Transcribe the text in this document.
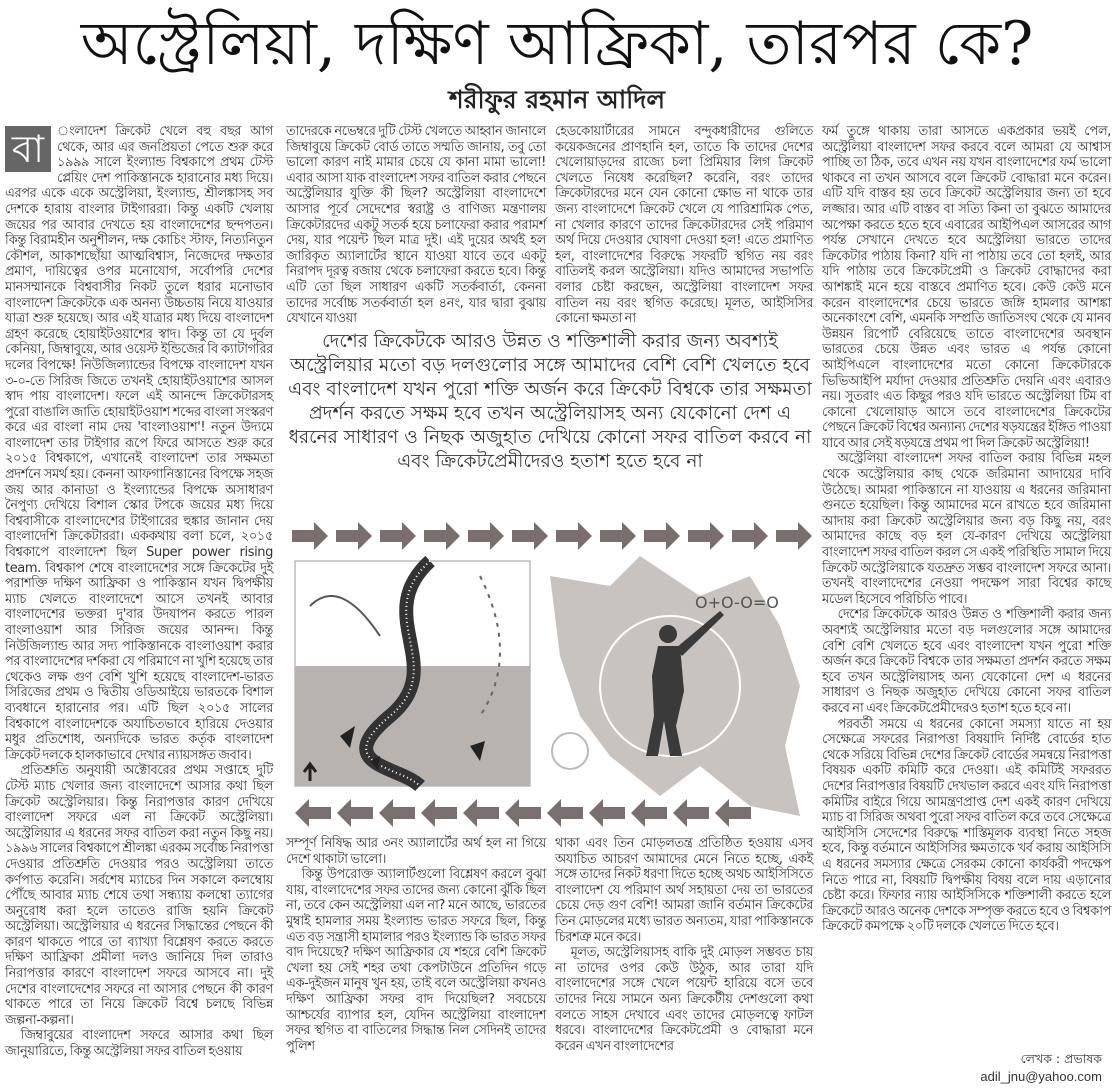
অস্ট্রেলিয়া, দক্ষিণ আফ্রিকা, তারপর কে?
শরীফুর রহমান আদিল
বা ংলাদেশ ক্রিকেট খেলে বহু বছর আগ থেকে, আর এর জনপ্রিয়তা পেতে শুরু করে ১৯৯৯ সালে ইংল্যান্ড বিশ্বকাপে প্রথম টেস্ট প্লেয়িং দেশ পাকিস্তানকে হারানোর মধ্য দিয়ে। এরপর একে একে অস্ট্রেলিয়া, ইংল্যান্ড, শ্রীলঙ্কাসহ সব দেশকে হারায় বাংলার টাইগাররা। কিন্তু একটি খেলায় জয়ের পর আবার দেখতে হয় বাংলাদেশের ছন্দপতন। কিন্তু বিরামহীন অনুশীলন, দক্ষ কোচিং স্টাফ, নিত্যনিতুন কৌশল, আকাশছোঁয়া আত্মবিশ্বাস, নিজেদের দক্ষতার প্রমাণ, দায়িত্বের ওপর মনোযোগ, সর্বোপরি দেশের মানসম্মানকে বিশ্ববাসীর নিকট তুলে ধরার মনোভাব বাংলাদেশ ক্রিকেটকে এক অনন্য উচ্চতায় নিয়ে যাওয়ার যাত্রা শুরু হয়েছে। আর এই যাত্রার মধ্য দিয়ে বাংলাদেশ গ্রহণ করেছে হোয়াইটওয়াশের স্বাদ। কিন্তু তা যে দুর্বল কেনিয়া, জিম্বাবুয়ে, আর ওয়েস্ট ইন্ডিজের বি ক্যাটাগরির দলের বিপক্ষে! নিউজিল্যান্ডের বিপক্ষে বাংলাদেশ যখন ৩-০-তে সিরিজ জিতে তখনই হোয়াইটওয়াশের আসল স্বাদ পায় বাংলাদেশ। ফলে এই আনন্দে ক্রিকেটারসহ পুরো বাঙালি জাতি হোয়াইটওয়াশ শব্দের বাংলা সংস্করণ করে এর বাংলা নাম দেয় 'বাংলাওয়াশ'! নতুন উদ্যমে বাংলাদেশ তার টাইগার রূপে ফিরে আসতে শুরু করে ২০১৫ বিশ্বকাপে, এখানেই বাংলাদেশ তার সক্ষমতা প্রদর্শনে সমর্থ হয়। কেননা আফগানিস্তানের বিপক্ষে সহজ জয় আর কানাডা ও ইংল্যান্ডের বিপক্ষে অসাধারণ নৈপুণ্য দেখিয়ে বিশাল স্কোর টপকে জয়ের মধ্য দিয়ে বিশ্ববাসীকে বাংলাদেশের টাইগারের হুঙ্কার জানান দেয় বাংলাদেশি ক্রিকেটাররা। এককথায় বলা চলে, ২০১৫ বিশ্বকাপে বাংলাদেশ ছিল Super power rising team. বিশ্বকাপ শেষে বাংলাদেশের সঙ্গে ক্রিকেটের দুই পরাশক্তি দক্ষিণ আফ্রিকা ও পাকিস্তান যখন দ্বিপক্ষীয় ম্যাচ খেলতে বাংলাদেশে আসে তখনই আবার বাংলাদেশের ভক্তরা দু'বার উদযাপন করতে পারল বাংলাওয়াশ আর সিরিজ জয়ের আনন্দ। কিন্তু নিউজিল্যান্ড আর সদ্য পাকিস্তানকে বাংলাওয়াশ করার পর বাংলাদেশের দর্শকরা যে পরিমাণে না খুশি হয়েছে তার থেকেও লক্ষ গুণ বেশি খুশি হয়েছে বাংলাদেশ-ভারত সিরিজের প্রথম ও দ্বিতীয় ওডিআইয়ে ভারতকে বিশাল ব্যবধানে হারানোর পর। এটি ছিল ২০১৫ সালের বিশ্বকাপে বাংলাদেশকে অযাচিতভাবে হারিয়ে দেওয়ার মধুর প্রতিশোধ, অন্যদিকে ভারত কর্তৃক বাংলাদেশ ক্রিকেট দলকে হালকাভাবে দেখার ন্যায়সঙ্গত জবাব।

প্রতিশ্রুতি অনুযায়ী অক্টোবরের প্রথম সপ্তাহে দুটি টেস্ট ম্যাচ খেলার জন্য বাংলাদেশে আসার কথা ছিল ক্রিকেট অস্ট্রেলিয়ার। কিন্তু নিরাপত্তার কারণ দেখিয়ে বাংলাদেশ সফরে এল না ক্রিকেট অস্ট্রেলিয়া। অস্ট্রেলিয়ার এ ধরনের সফর বাতিল করা নতুন কিছু নয়। ১৯৯৬ সালের বিশ্বকাপে শ্রীলঙ্কা এরকম সর্বোচ্চ নিরাপত্তা দেওয়ার প্রতিশ্রুতি দেওয়ার পরও অস্ট্রেলিয়া তাতে কর্ণপাত করেনি। সর্বশেষ ম্যাচের দিন সকালে কলম্বোয় পৌঁছে আবার ম্যাচ শেষে তথা সন্ধ্যায় কলম্বো ত্যাগের অনুরোধ করা হলে তাতেও রাজি হয়নি ক্রিকেট অস্ট্রেলিয়া। অস্ট্রেলিয়ার এ ধরনের সিদ্ধান্তের পেছনে কী কারণ থাকতে পারে তা ব্যাখ্যা বিশ্লেষণ করতে করতে দক্ষিণ আফ্রিকা প্রমীলা দলও জানিয়ে দিল তারাও নিরাপত্তার কারণে বাংলাদেশ সফরে আসবে না। দুই দেশের বাংলাদেশের সফরে না আসার পেছনে কী কারণ থাকতে পারে তা নিয়ে ক্রিকেট বিশ্বে চলছে বিভিন্ন জল্পনা-কল্পনা।

জিম্বাবুয়ের বাংলাদেশ সফরে আসার কথা ছিল জানুয়ারিতে, কিন্তু অস্ট্রেলিয়া সফর বাতিল হওয়ায়

তাদেরকে নভেম্বরে দুটি টেস্ট খেলতে আহ্বান জানালে জিম্বাবুয়ে ক্রিকেট বোর্ড তাতে সম্মতি জানায়, তবু তো ভালো কারণ নাই মামার চেয়ে যে কানা মামা ভালো! এবার আসা যাক বাংলাদেশ সফর বাতিল করার পেছনে অস্ট্রেলিয়ার যুক্তি কী ছিল? অস্ট্রেলিয়া বাংলাদেশে আসার পূর্বে সেদেশের স্বরাষ্ট্র ও বাণিজ্য মন্ত্রণালয় ক্রিকেটারদের একটু সতর্ক হয়ে চলাফেরা করার পরামর্শ দেয়, যার পয়েন্ট ছিল মাত্র দুই। এই দুয়ের অর্থই হল জারিকৃত অ্যালার্টের স্থানে যাওয়া যাবে তবে একটু নিরাপদ দূরত্ব বজায় থেকে চলাফেরা করতে হবে। কিন্তু এটি তো ছিল সাধারণ একটি সতর্কবার্তা, কেননা তাদের সর্বোচ্চ সতর্কবার্তা হল ৪নং, যার দ্বারা বুঝায় যেখানে যাওয়া

হেডকোয়ার্টারের সামনে বন্দুকধারীদের গুলিতে কয়েকজনের প্রাণহানি হল, তাতে কি তাদের দেশের খেলোয়াড়দের রাজ্যে চলা প্রিমিয়ার লিগ ক্রিকেট খেলতে নিষেধ করেছিল? করেনি, বরং তাদের ক্রিকেটারদের মনে যেন কোনো ক্ষোভ না থাকে তার জন্য বাংলাদেশে ক্রিকেট খেলে যে পারিশ্রামিক পেত, না খেলার কারণে তাদের ক্রিকেটারদের সেই পরিমাণ অর্থ দিয়ে দেওয়ার ঘোষণা দেওয়া হল! এতে প্রমাণিত হল, বাংলাদেশের বিরুদ্ধে সফরটি স্থগিত নয় বরং বাতিলই করল অস্ট্রেলিয়া। যদিও আমাদের সভাপতি বলার চেষ্টা করছেন, অস্ট্রেলিয়া বাংলাদেশ সফর বাতিল নয় বরং স্থগিত করেছে। মূলত, আইসিসির কোনো ক্ষমতা না

দেশের ক্রিকেটকে আরও উন্নত ও শক্তিশালী করার জন্য অবশ্যই অস্ট্রেলিয়ার মতো বড় দলগুলোর সঙ্গে আমাদের বেশি বেশি খেলতে হবে এবং বাংলাদেশ যখন পুরো শক্তি অর্জন করে ক্রিকেট বিশ্বকে তার সক্ষমতা প্রদর্শন করতে সক্ষম হবে তখন অস্ট্রেলিয়াসহ অন্য যেকোনো দেশ এ ধরনের সাধারণ ও নিছক অজুহাত দেখিয়ে কোনো সফর বাতিল করবে না এবং ক্রিকেটপ্রেমীদেরও হতাশ হতে হবে না
O+O-O=O

সম্পূর্ণ নিষিদ্ধ আর ৩নং অ্যালার্টের অর্থ হল না গিয়ে দেশে থাকাটা ভালো।

কিন্তু উপরোক্ত অ্যালার্টগুলো বিশ্লেষণ করলে বুঝা যায়, বাংলাদেশের সফর তাদের জন্য কোনো ঝুঁকি ছিল না, তবে কেন অস্ট্রেলিয়া এল না? মনে আছে, ভারতের মুম্বাই হামলার সময় ইংল্যান্ড ভারত সফরে ছিল, কিন্তু এত বড় সন্ত্রাসী হামালার পরও ইংল্যান্ড কি ভারত সফর বাদ দিয়েছে? দক্ষিণ আফ্রিকার যে শহরে বেশি ক্রিকেট খেলা হয় সেই শহর তথা কেপটাউনে প্রতিদিন গড়ে এক-দুইজন মানুষ খুন হয়, তাই বলে অস্ট্রেলিয়া কখনও দক্ষিণ আফ্রিকা সফর বাদ দিয়েছিল? সবচেয়ে আশ্চর্যের ব্যাপার হল, যেদিন অস্ট্রেলিয়া বাংলাদেশ সফর স্থগিত বা বাতিলের সিদ্ধান্ত নিল সেদিনই তাদের পুলিশ

থাকা এবং তিন মোড়লতন্ত্র প্রতিষ্ঠিত হওয়ায় এসব অযাচিত আচরণ আমাদের মেনে নিতে হচ্ছে, একই সঙ্গে তাদের নিকট ধরণা দিতে হচ্ছে অথচ আইসিসিতে বাংলাদেশ যে পরিমাণ অর্থ সহায়তা দেয় তা ভারতের চেয়ে দেড় গুণ বেশি! আমরা জানি বর্তমান ক্রিকেটের তিন মোড়লের মধ্যে ভারত অন্যতম, যারা পাকিস্তানকে চিরশত্রু মনে করে।

মূলত, অস্ট্রেলিয়াসহ বাকি দুই মোড়ল সম্ভবত চায় না তাদের ওপর কেউ উঠুক, আর তারা যদি বাংলাদেশের সঙ্গে খেলে পয়েন্ট হারিয়ে বসে তবে তাদের নিয়ে সামনে অন্য ক্রিকেটীয় দেশগুলো কথা বলতে সাহস দেখাবে এবং তাদের মোড়লত্বে ফাটল ধরবে। বাংলাদেশের ক্রিকেটপ্রেমী ও বোদ্ধারা মনে করেন এখন বাংলাদেশের

ফর্ম তুঙ্গে থাকায় তারা আসতে একপ্রকার ভয়ই পেল, অস্ট্রেলিয়া বাংলাদেশ সফর করবে বলে আমরা যে আশ্বাস পাচ্ছি তা ঠিক, তবে এখন নয় যখন বাংলাদেশের ফর্ম ভালো থাকবে না তখন আসবে বলে ক্রিকেট বোদ্ধারা মনে করেন। এটি যদি বাস্তব হয় তবে ক্রিকেট অস্ট্রেলিয়ার জন্য তা হবে লজ্জার। আর এটি বাস্তব বা সত্যি কিনা তা বুঝতে আমাদের অপেক্ষা করতে হতে হবে এবারের আইপিএল আসরের আগ পর্যন্ত সেখানে দেখতে হবে অস্ট্রেলিয়া ভারতে তাদের ক্রিকেটার পাঠায় কিনা? যদি না পাঠায় তবে তো হলই, আর যদি পাঠায় তবে ক্রিকেটপ্রেমী ও ক্রিকেট বোদ্ধাদের করা আশঙ্কাই মনে হয়ে বাস্তবে প্রমাণিত হবে। কেউ কেউ মনে করেন বাংলাদেশের চেয়ে ভারতে জঙ্গি হামলার আশঙ্কা অনেকাংশে বেশি, এমনকি সম্প্রতি জাতিসংঘ থেকে যে মানব উন্নয়ন রিপোর্ট বেরিয়েছে তাতে বাংলাদেশের অবস্থান ভারতের চেয়ে উন্নত এবং ভারত এ পর্যন্ত কোনো আইপিএলে বাংলাদেশের মতো কোনো ক্রিকেটারকে ভিভিআইপি মর্যাদা দেওয়ার প্রতিশ্রুতি দেয়নি এবং এবারও নয়। সুতরাং এত কিছুর পরও যদি ভারতে অস্ট্রেলিয়া টিম বা কোনো খেলোয়াড় আসে তবে বাংলাদেশের ক্রিকেটের পেছনে ক্রিকেট বিশ্বের অন্যান্য দেশের ষড়যন্ত্রের ইঙ্গিত পাওয়া যাবে আর সেই ষড়যন্ত্রে প্রথম পা দিল ক্রিকেট অস্ট্রেলিয়া!

অস্ট্রেলিয়া বাংলাদেশ সফর বাতিল করায় বিভিন্ন মহল থেকে অস্ট্রেলিয়ার কাছ থেকে জরিমানা আদায়ের দাবি উঠেছে। আমরা পাকিস্তানে না যাওয়ায় এ ধরনের জরিমানা গুনতে হয়েছিল। কিন্তু আমাদের মনে রাখতে হবে জরিমানা আদায় করা ক্রিকেট অস্ট্রেলিয়ার জন্য বড় কিছু নয়, বরং আমাদের কাছে বড় হল যে-কারণ দেখিয়ে অস্ট্রেলিয়া বাংলাদেশ সফর বাতিল করল সে একই পরিস্থিতি সামাল দিয়ে ক্রিকেট অস্ট্রেলিয়াকে যতদ্রুত সম্ভব বাংলাদেশ সফরে আনা। তখনই বাংলাদেশের নেওয়া পদক্ষেপ সারা বিশ্বের কাছে মডেল হিসেবে পরিচিতি পাবে।

দেশের ক্রিকেটকে আরও উন্নত ও শক্তিশালী করার জন্য অবশ্যই অস্ট্রেলিয়ার মতো বড় দলগুলোর সঙ্গে আমাদের বেশি বেশি খেলতে হবে এবং বাংলাদেশ যখন পুরো শক্তি অর্জন করে ক্রিকেট বিশ্বকে তার সক্ষমতা প্রদর্শন করতে সক্ষম হবে তখন অস্ট্রেলিয়াসহ অন্য যেকোনো দেশ এ ধরনের সাধারণ ও নিছক অজুহাত দেখিয়ে কোনো সফর বাতিল করবে না এবং ক্রিকেটপ্রেমীদেরও হতাশ হতে হবে না।

পরবর্তী সময়ে এ ধরনের কোনো সমস্যা যাতে না হয় সেক্ষেত্রে সফরের নিরাপত্তা বিষয়াদি নির্দিষ্ট বোর্ডের হাত থেকে সরিয়ে বিভিন্ন দেশের ক্রিকেট বোর্ডের সমন্বয়ে নিরাপত্তা বিষয়ক একটি কমিটি করে দেওয়া। এই কমিটিই সফররত দেশের নিরাপত্তার বিষয়টি দেখভাল করবে এবং যদি নিরাপত্তা কমিটির বাইরে গিয়ে আমন্ত্রণপ্রাপ্ত দেশ একই কারণ দেখিয়ে ম্যাচ বা সিরিজ অথবা পুরো সফর বাতিল করে তবে সেক্ষেত্রে আইসিসি সেদেশের বিরুদ্ধে শাস্তিমূলক ব্যবস্থা নিতে সহজ হবে, কিন্তু বর্তমানে আইসিসির ক্ষমতাকে খর্ব করায় আইসিসি এ ধরনের সমস্যার ক্ষেত্রে সেরকম কোনো কার্যকরী পদক্ষেপ নিতে পারে না, বিষয়টি দ্বিপক্ষীয় বিষয় বলে দায় এড়ানোর চেষ্টা করে। ফিফার ন্যায় আইসিসিকে শক্তিশালী করতে হলে ক্রিকেটে আরও অনেক দেশকে সম্পৃক্ত করতে হবে ও বিশ্বকাপ ক্রিকেটে কমপক্ষে ২০টি দলকে খেলতে দিতে হবে।

লেখক : প্রভাষক
adil_jnu@yahoo.com
